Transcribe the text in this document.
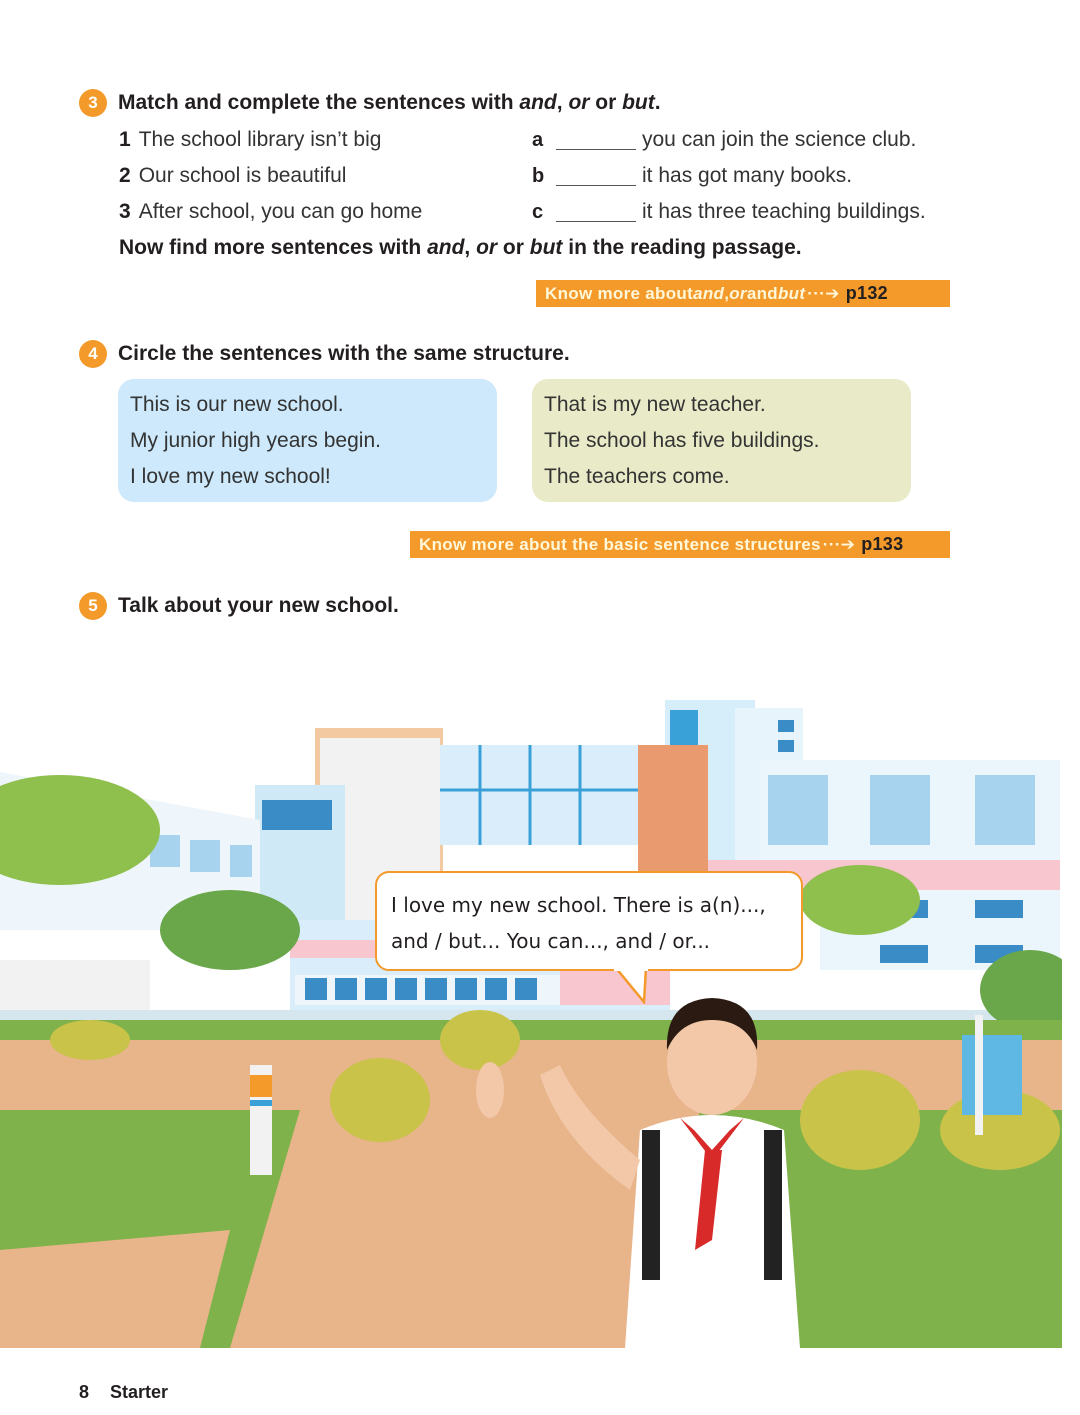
3 Match and complete the sentences with and, or or but.
1 The school library isn’t big
2 Our school is beautiful
3 After school, you can go home
a
b
c
you can join the science club.
it has got many books.
it has three teaching buildings.
Now find more sentences with and, or or but in the reading passage.
Know more about and , or and but ···➔ p132
4 Circle the sentences with the same structure.
This is our new school.
My junior high years begin.
I love my new school!
That is my new teacher.
The school has five buildings.
The teachers come.
Know more about the basic sentence structures ···➔ p133
5 Talk about your new school.
I love my new school. There is a(n)...,
and / but... You can..., and / or...
8 Starter
